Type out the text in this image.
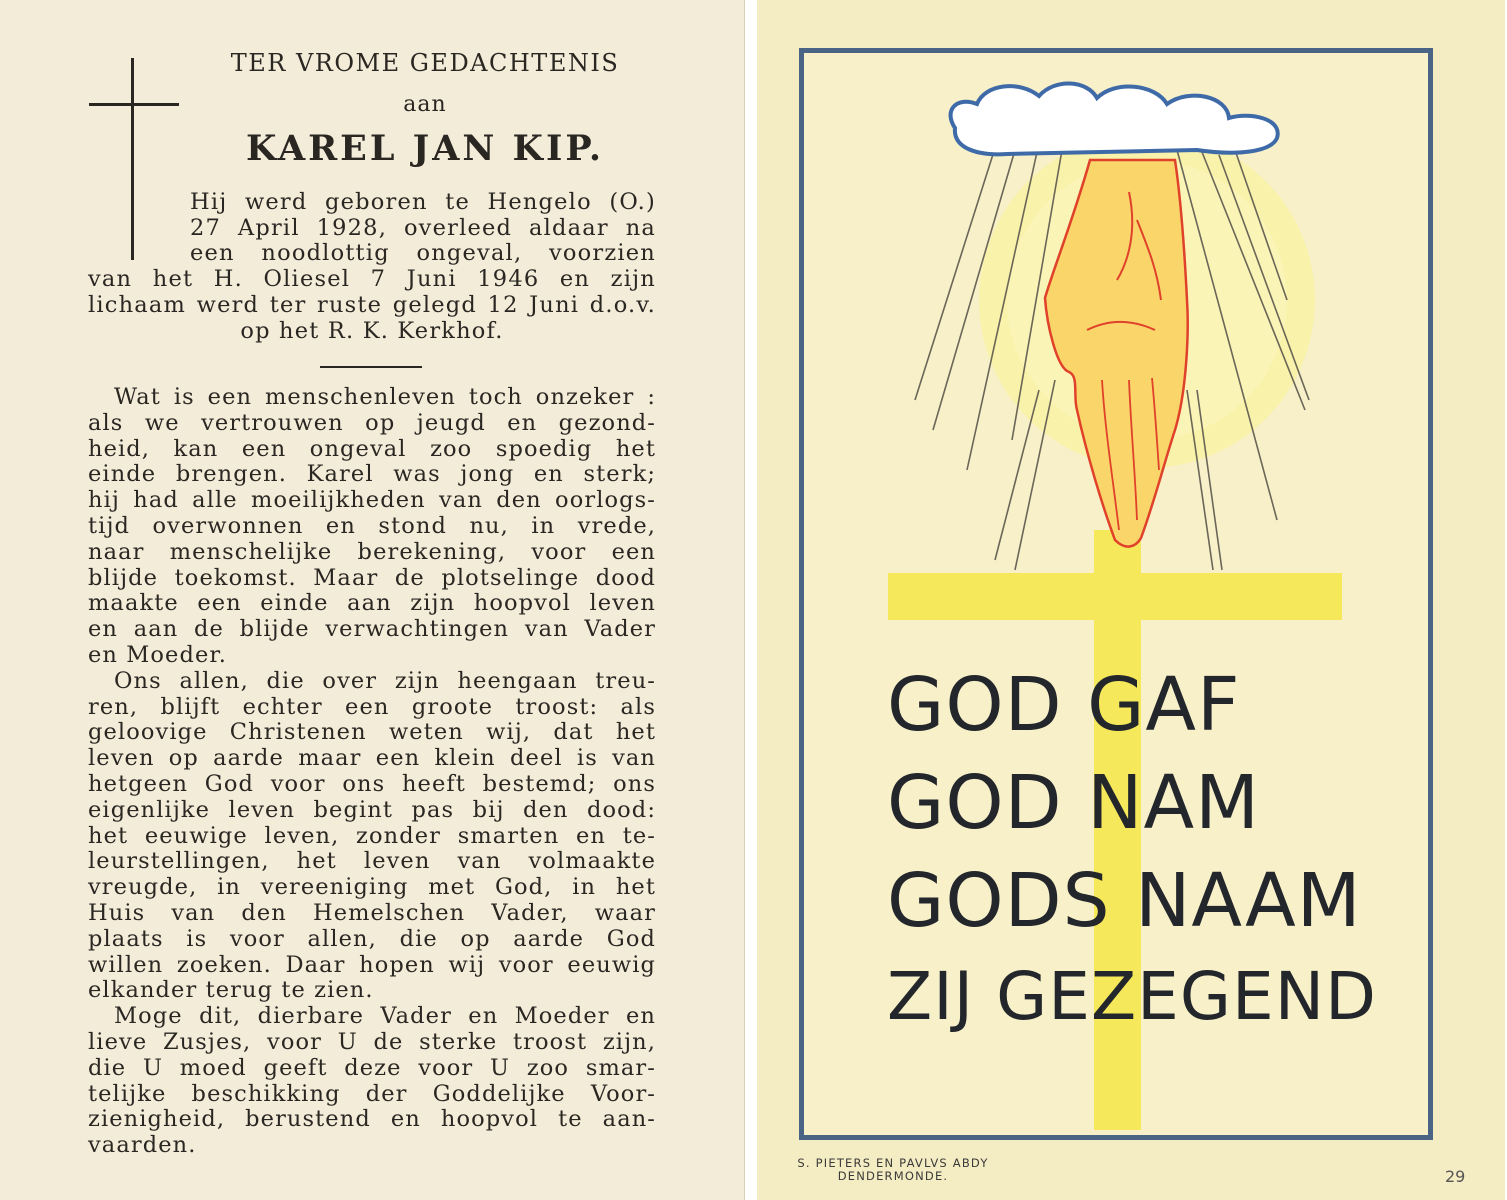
TER VROME GEDACHTENIS
aan
KAREL JAN KIP.
Hij werd geboren te Hengelo (O.)
27 April 1928, overleed aldaar na
een noodlottig ongeval, voorzien
van het H. Oliesel 7 Juni 1946 en zijn
lichaam werd ter ruste gelegd 12 Juni d.o.v.
op het R. K. Kerkhof.
Wat is een menschenleven toch onzeker :
als we vertrouwen op jeugd en gezond-
heid, kan een ongeval zoo spoedig het
einde brengen. Karel was jong en sterk;
hij had alle moeilijkheden van den oorlogs-
tijd overwonnen en stond nu, in vrede,
naar menschelijke berekening, voor een
blijde toekomst. Maar de plotselinge dood
maakte een einde aan zijn hoopvol leven
en aan de blijde verwachtingen van Vader
en Moeder.
Ons allen, die over zijn heengaan treu-
ren, blijft echter een groote troost: als
geloovige Christenen weten wij, dat het
leven op aarde maar een klein deel is van
hetgeen God voor ons heeft bestemd; ons
eigenlijke leven begint pas bij den dood:
het eeuwige leven, zonder smarten en te-
leurstellingen, het leven van volmaakte
vreugde, in vereeniging met God, in het
Huis van den Hemelschen Vader, waar
plaats is voor allen, die op aarde God
willen zoeken. Daar hopen wij voor eeuwig
elkander terug te zien.
Moge dit, dierbare Vader en Moeder en
lieve Zusjes, voor U de sterke troost zijn,
die U moed geeft deze voor U zoo smar-
telijke beschikking der Goddelijke Voor-
zienigheid, berustend en hoopvol te aan-
vaarden.
GOD GAF
GOD NAM
GODS NAAM
ZIJ GEZEGEND
S. PIETERS EN PAVLVS ABDY
DENDERMONDE.	29
